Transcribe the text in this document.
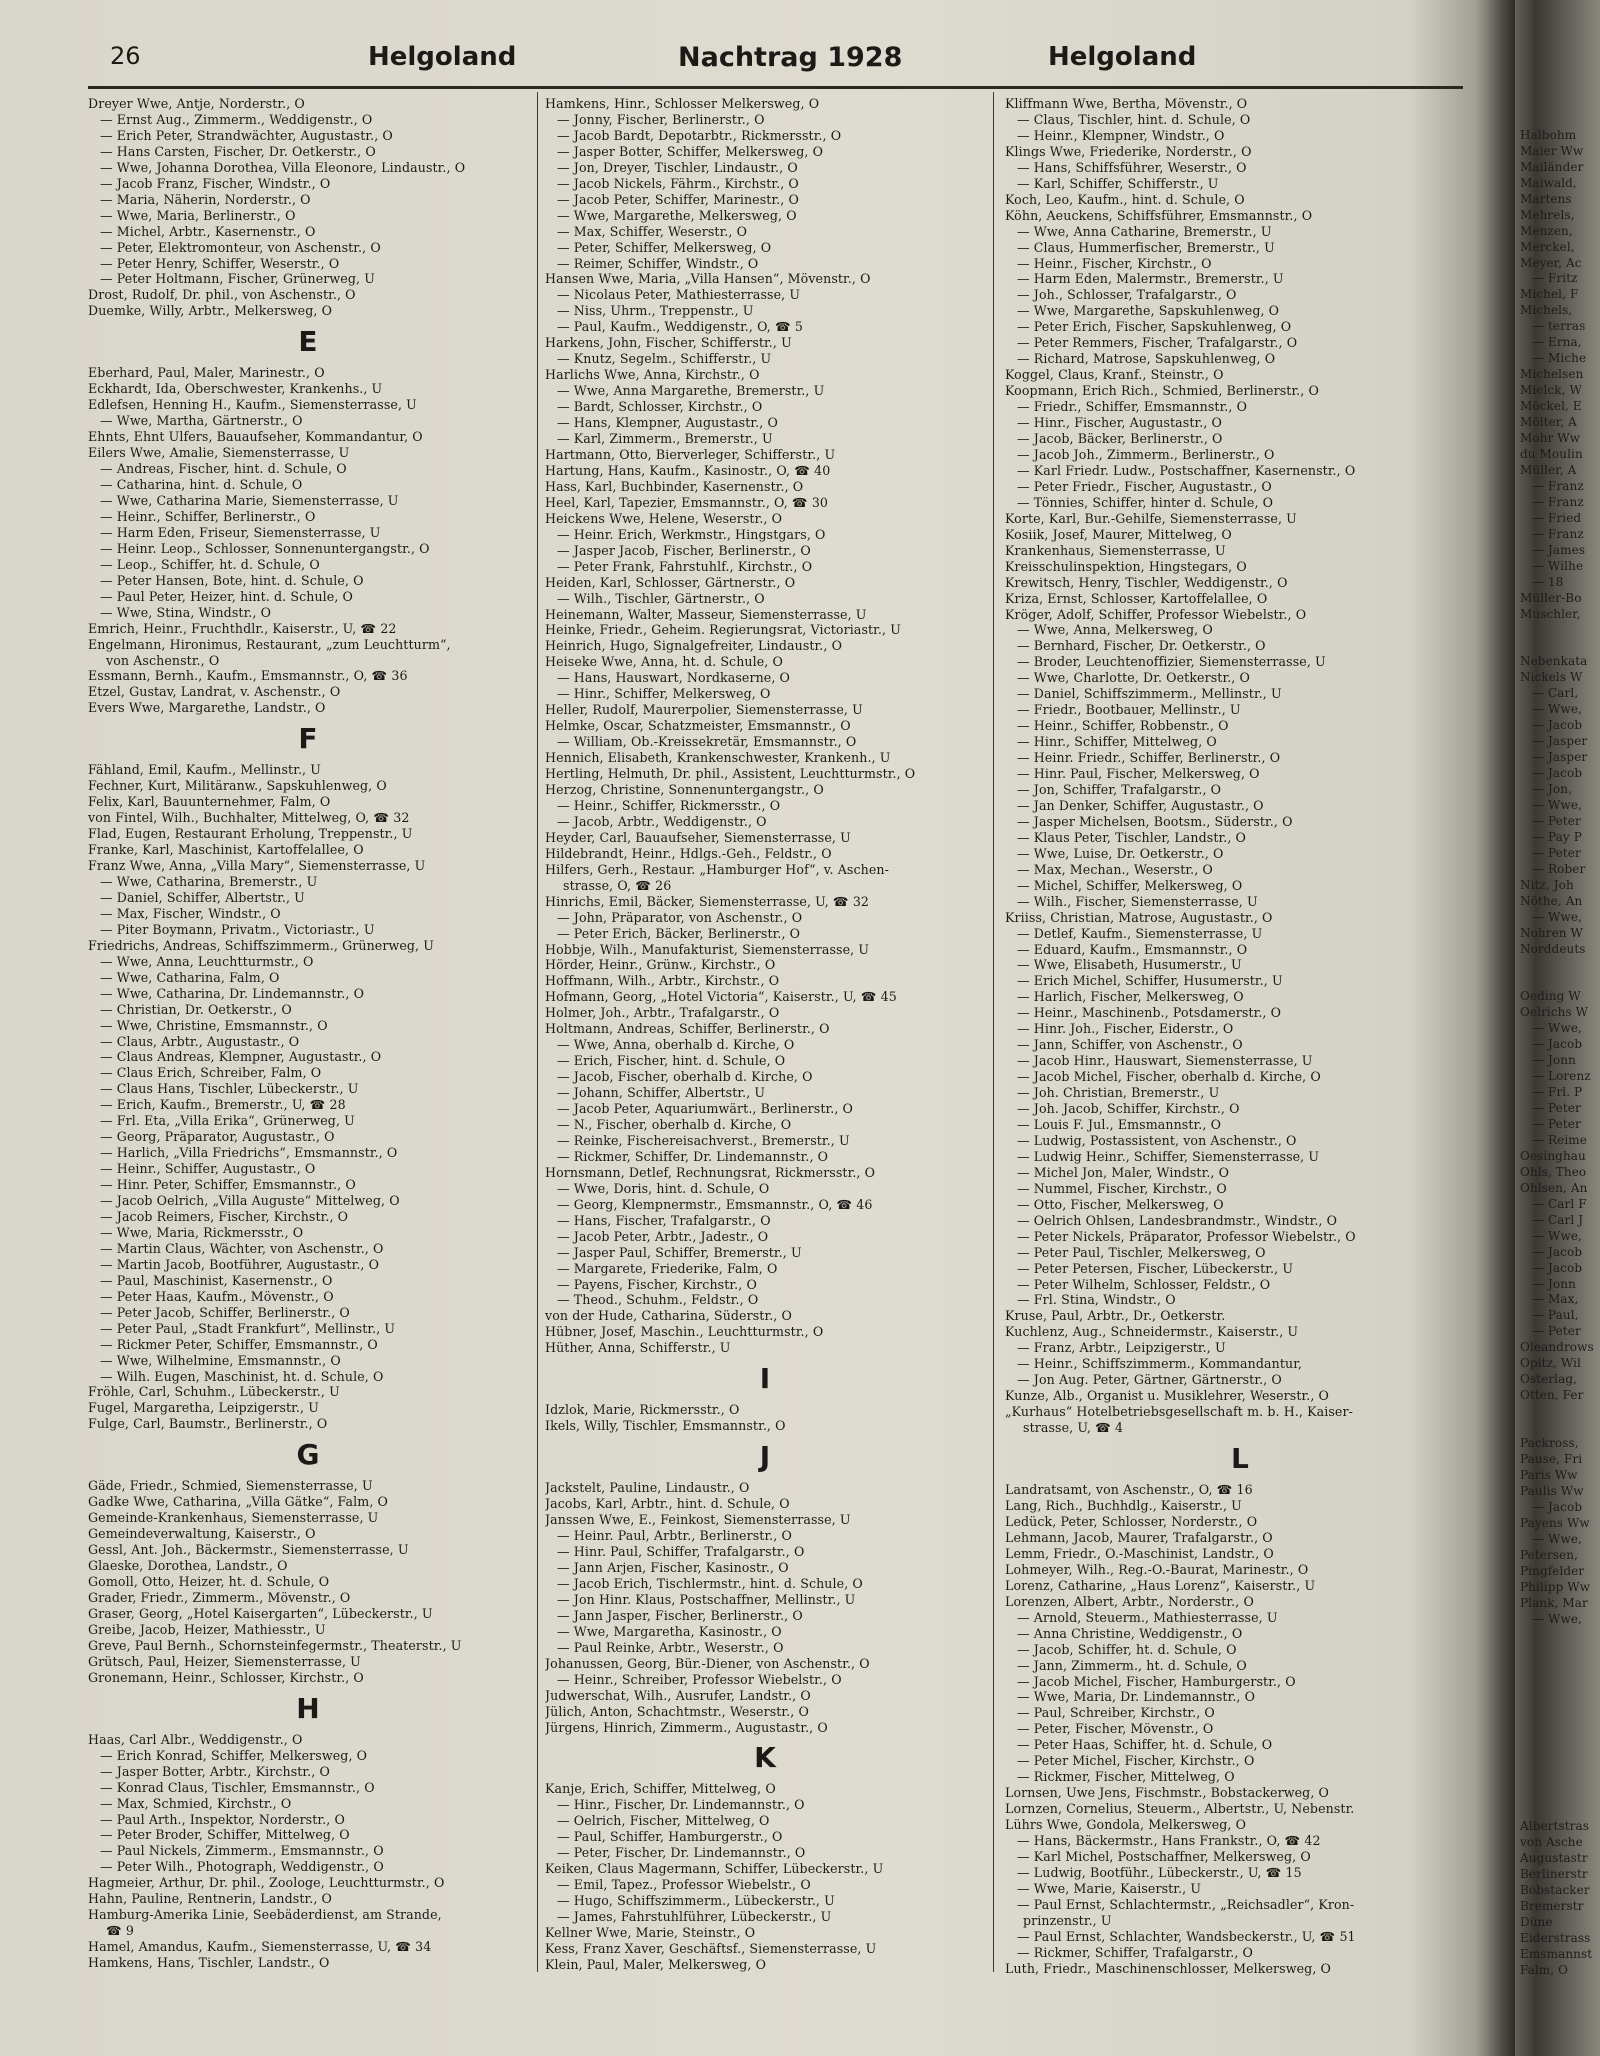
26	Helgoland	Nachtrag 1928	Helgoland
Dreyer Wwe, Antje, Norderstr., O
— Ernst Aug., Zimmerm., Weddigenstr., O
— Erich Peter, Strandwächter, Augustastr., O
— Hans Carsten, Fischer, Dr. Oetkerstr., O
— Wwe, Johanna Dorothea, Villa Eleonore, Lindaustr., O
— Jacob Franz, Fischer, Windstr., O
— Maria, Näherin, Norderstr., O
— Wwe, Maria, Berlinerstr., O
— Michel, Arbtr., Kasernenstr., O
— Peter, Elektromonteur, von Aschenstr., O
— Peter Henry, Schiffer, Weserstr., O
— Peter Holtmann, Fischer, Grünerweg, U
Drost, Rudolf, Dr. phil., von Aschenstr., O
Duemke, Willy, Arbtr., Melkersweg, O
E
Eberhard, Paul, Maler, Marinestr., O
Eckhardt, Ida, Oberschwester, Krankenhs., U
Edlefsen, Henning H., Kaufm., Siemensterrasse, U
— Wwe, Martha, Gärtnerstr., O
Ehnts, Ehnt Ulfers, Bauaufseher, Kommandantur, O
Eilers Wwe, Amalie, Siemensterrasse, U
— Andreas, Fischer, hint. d. Schule, O
— Catharina, hint. d. Schule, O
— Wwe, Catharina Marie, Siemensterrasse, U
— Heinr., Schiffer, Berlinerstr., O
— Harm Eden, Friseur, Siemensterrasse, U
— Heinr. Leop., Schlosser, Sonnenuntergangstr., O
— Leop., Schiffer, ht. d. Schule, O
— Peter Hansen, Bote, hint. d. Schule, O
— Paul Peter, Heizer, hint. d. Schule, O
— Wwe, Stina, Windstr., O
Emrich, Heinr., Fruchthdlr., Kaiserstr., U, ☎ 22
Engelmann, Hironimus, Restaurant, „zum Leuchtturm“,
von Aschenstr., O
Essmann, Bernh., Kaufm., Emsmannstr., O, ☎ 36
Etzel, Gustav, Landrat, v. Aschenstr., O
Evers Wwe, Margarethe, Landstr., O
F
Fähland, Emil, Kaufm., Mellinstr., U
Fechner, Kurt, Militäranw., Sapskuhlenweg, O
Felix, Karl, Bauunternehmer, Falm, O
von Fintel, Wilh., Buchhalter, Mittelweg, O, ☎ 32
Flad, Eugen, Restaurant Erholung, Treppenstr., U
Franke, Karl, Maschinist, Kartoffelallee, O
Franz Wwe, Anna, „Villa Mary“, Siemensterrasse, U
— Wwe, Catharina, Bremerstr., U
— Daniel, Schiffer, Albertstr., U
— Max, Fischer, Windstr., O
— Piter Boymann, Privatm., Victoriastr., U
Friedrichs, Andreas, Schiffszimmerm., Grünerweg, U
— Wwe, Anna, Leuchtturmstr., O
— Wwe, Catharina, Falm, O
— Wwe, Catharina, Dr. Lindemannstr., O
— Christian, Dr. Oetkerstr., O
— Wwe, Christine, Emsmannstr., O
— Claus, Arbtr., Augustastr., O
— Claus Andreas, Klempner, Augustastr., O
— Claus Erich, Schreiber, Falm, O
— Claus Hans, Tischler, Lübeckerstr., U
— Erich, Kaufm., Bremerstr., U, ☎ 28
— Frl. Eta, „Villa Erika“, Grünerweg, U
— Georg, Präparator, Augustastr., O
— Harlich, „Villa Friedrichs“, Emsmannstr., O
— Heinr., Schiffer, Augustastr., O
— Hinr. Peter, Schiffer, Emsmannstr., O
— Jacob Oelrich, „Villa Auguste“ Mittelweg, O
— Jacob Reimers, Fischer, Kirchstr., O
— Wwe, Maria, Rickmersstr., O
— Martin Claus, Wächter, von Aschenstr., O
— Martin Jacob, Bootführer, Augustastr., O
— Paul, Maschinist, Kasernenstr., O
— Peter Haas, Kaufm., Mövenstr., O
— Peter Jacob, Schiffer, Berlinerstr., O
— Peter Paul, „Stadt Frankfurt“, Mellinstr., U
— Rickmer Peter, Schiffer, Emsmannstr., O
— Wwe, Wilhelmine, Emsmannstr., O
— Wilh. Eugen, Maschinist, ht. d. Schule, O
Fröhle, Carl, Schuhm., Lübeckerstr., U
Fugel, Margaretha, Leipzigerstr., U
Fulge, Carl, Baumstr., Berlinerstr., O
G
Gäde, Friedr., Schmied, Siemensterrasse, U
Gadke Wwe, Catharina, „Villa Gätke“, Falm, O
Gemeinde-Krankenhaus, Siemensterrasse, U
Gemeindeverwaltung, Kaiserstr., O
Gessl, Ant. Joh., Bäckermstr., Siemensterrasse, U
Glaeske, Dorothea, Landstr., O
Gomoll, Otto, Heizer, ht. d. Schule, O
Grader, Friedr., Zimmerm., Mövenstr., O
Graser, Georg, „Hotel Kaisergarten“, Lübeckerstr., U
Greibe, Jacob, Heizer, Mathiesstr., U
Greve, Paul Bernh., Schornsteinfegermstr., Theaterstr., U
Grütsch, Paul, Heizer, Siemensterrasse, U
Gronemann, Heinr., Schlosser, Kirchstr., O
H
Haas, Carl Albr., Weddigenstr., O
— Erich Konrad, Schiffer, Melkersweg, O
— Jasper Botter, Arbtr., Kirchstr., O
— Konrad Claus, Tischler, Emsmannstr., O
— Max, Schmied, Kirchstr., O
— Paul Arth., Inspektor, Norderstr., O
— Peter Broder, Schiffer, Mittelweg, O
— Paul Nickels, Zimmerm., Emsmannstr., O
— Peter Wilh., Photograph, Weddigenstr., O
Hagmeier, Arthur, Dr. phil., Zoologe, Leuchtturmstr., O
Hahn, Pauline, Rentnerin, Landstr., O
Hamburg-Amerika Linie, Seebäderdienst, am Strande,
☎ 9
Hamel, Amandus, Kaufm., Siemensterrasse, U, ☎ 34
Hamkens, Hans, Tischler, Landstr., O
Hamkens, Hinr., Schlosser Melkersweg, O
— Jonny, Fischer, Berlinerstr., O
— Jacob Bardt, Depotarbtr., Rickmersstr., O
— Jasper Botter, Schiffer, Melkersweg, O
— Jon, Dreyer, Tischler, Lindaustr., O
— Jacob Nickels, Fährm., Kirchstr., O
— Jacob Peter, Schiffer, Marinestr., O
— Wwe, Margarethe, Melkersweg, O
— Max, Schiffer, Weserstr., O
— Peter, Schiffer, Melkersweg, O
— Reimer, Schiffer, Windstr., O
Hansen Wwe, Maria, „Villa Hansen“, Mövenstr., O
— Nicolaus Peter, Mathiesterrasse, U
— Niss, Uhrm., Treppenstr., U
— Paul, Kaufm., Weddigenstr., O, ☎ 5
Harkens, John, Fischer, Schifferstr., U
— Knutz, Segelm., Schifferstr., U
Harlichs Wwe, Anna, Kirchstr., O
— Wwe, Anna Margarethe, Bremerstr., U
— Bardt, Schlosser, Kirchstr., O
— Hans, Klempner, Augustastr., O
— Karl, Zimmerm., Bremerstr., U
Hartmann, Otto, Bierverleger, Schifferstr., U
Hartung, Hans, Kaufm., Kasinostr., O, ☎ 40
Hass, Karl, Buchbinder, Kasernenstr., O
Heel, Karl, Tapezier, Emsmannstr., O, ☎ 30
Heickens Wwe, Helene, Weserstr., O
— Heinr. Erich, Werkmstr., Hingstgars, O
— Jasper Jacob, Fischer, Berlinerstr., O
— Peter Frank, Fahrstuhlf., Kirchstr., O
Heiden, Karl, Schlosser, Gärtnerstr., O
— Wilh., Tischler, Gärtnerstr., O
Heinemann, Walter, Masseur, Siemensterrasse, U
Heinke, Friedr., Geheim. Regierungsrat, Victoriastr., U
Heinrich, Hugo, Signalgefreiter, Lindaustr., O
Heiseke Wwe, Anna, ht. d. Schule, O
— Hans, Hauswart, Nordkaserne, O
— Hinr., Schiffer, Melkersweg, O
Heller, Rudolf, Maurerpolier, Siemensterrasse, U
Helmke, Oscar, Schatzmeister, Emsmannstr., O
— William, Ob.-Kreissekretär, Emsmannstr., O
Hennich, Elisabeth, Krankenschwester, Krankenh., U
Hertling, Helmuth, Dr. phil., Assistent, Leuchtturmstr., O
Herzog, Christine, Sonnenuntergangstr., O
— Heinr., Schiffer, Rickmersstr., O
— Jacob, Arbtr., Weddigenstr., O
Heyder, Carl, Bauaufseher, Siemensterrasse, U
Hildebrandt, Heinr., Hdlgs.-Geh., Feldstr., O
Hilfers, Gerh., Restaur. „Hamburger Hof“, v. Aschen-
strasse, O, ☎ 26
Hinrichs, Emil, Bäcker, Siemensterrasse, U, ☎ 32
— John, Präparator, von Aschenstr., O
— Peter Erich, Bäcker, Berlinerstr., O
Hobbje, Wilh., Manufakturist, Siemensterrasse, U
Hörder, Heinr., Grünw., Kirchstr., O
Hoffmann, Wilh., Arbtr., Kirchstr., O
Hofmann, Georg, „Hotel Victoria“, Kaiserstr., U, ☎ 45
Holmer, Joh., Arbtr., Trafalgarstr., O
Holtmann, Andreas, Schiffer, Berlinerstr., O
— Wwe, Anna, oberhalb d. Kirche, O
— Erich, Fischer, hint. d. Schule, O
— Jacob, Fischer, oberhalb d. Kirche, O
— Johann, Schiffer, Albertstr., U
— Jacob Peter, Aquariumwärt., Berlinerstr., O
— N., Fischer, oberhalb d. Kirche, O
— Reinke, Fischereisachverst., Bremerstr., U
— Rickmer, Schiffer, Dr. Lindemannstr., O
Hornsmann, Detlef, Rechnungsrat, Rickmersstr., O
— Wwe, Doris, hint. d. Schule, O
— Georg, Klempnermstr., Emsmannstr., O, ☎ 46
— Hans, Fischer, Trafalgarstr., O
— Jacob Peter, Arbtr., Jadestr., O
— Jasper Paul, Schiffer, Bremerstr., U
— Margarete, Friederike, Falm, O
— Payens, Fischer, Kirchstr., O
— Theod., Schuhm., Feldstr., O
von der Hude, Catharina, Süderstr., O
Hübner, Josef, Maschin., Leuchtturmstr., O
Hüther, Anna, Schifferstr., U
I
Idzlok, Marie, Rickmersstr., O
Ikels, Willy, Tischler, Emsmannstr., O
J
Jackstelt, Pauline, Lindaustr., O
Jacobs, Karl, Arbtr., hint. d. Schule, O
Janssen Wwe, E., Feinkost, Siemensterrasse, U
— Heinr. Paul, Arbtr., Berlinerstr., O
— Hinr. Paul, Schiffer, Trafalgarstr., O
— Jann Arjen, Fischer, Kasinostr., O
— Jacob Erich, Tischlermstr., hint. d. Schule, O
— Jon Hinr. Klaus, Postschaffner, Mellinstr., U
— Jann Jasper, Fischer, Berlinerstr., O
— Wwe, Margaretha, Kasinostr., O
— Paul Reinke, Arbtr., Weserstr., O
Johanussen, Georg, Bür.-Diener, von Aschenstr., O
— Heinr., Schreiber, Professor Wiebelstr., O
Judwerschat, Wilh., Ausrufer, Landstr., O
Jülich, Anton, Schachtmstr., Weserstr., O
Jürgens, Hinrich, Zimmerm., Augustastr., O
K
Kanje, Erich, Schiffer, Mittelweg, O
— Hinr., Fischer, Dr. Lindemannstr., O
— Oelrich, Fischer, Mittelweg, O
— Paul, Schiffer, Hamburgerstr., O
— Peter, Fischer, Dr. Lindemannstr., O
Keiken, Claus Magermann, Schiffer, Lübeckerstr., U
— Emil, Tapez., Professor Wiebelstr., O
— Hugo, Schiffszimmerm., Lübeckerstr., U
— James, Fahrstuhlführer, Lübeckerstr., U
Kellner Wwe, Marie, Steinstr., O
Kess, Franz Xaver, Geschäftsf., Siemensterrasse, U
Klein, Paul, Maler, Melkersweg, O
Kliffmann Wwe, Bertha, Mövenstr., O
— Claus, Tischler, hint. d. Schule, O
— Heinr., Klempner, Windstr., O
Klings Wwe, Friederike, Norderstr., O
— Hans, Schiffsführer, Weserstr., O
— Karl, Schiffer, Schifferstr., U
Koch, Leo, Kaufm., hint. d. Schule, O
Köhn, Aeuckens, Schiffsführer, Emsmannstr., O
— Wwe, Anna Catharine, Bremerstr., U
— Claus, Hummerfischer, Bremerstr., U
— Heinr., Fischer, Kirchstr., O
— Harm Eden, Malermstr., Bremerstr., U
— Joh., Schlosser, Trafalgarstr., O
— Wwe, Margarethe, Sapskuhlenweg, O
— Peter Erich, Fischer, Sapskuhlenweg, O
— Peter Remmers, Fischer, Trafalgarstr., O
— Richard, Matrose, Sapskuhlenweg, O
Koggel, Claus, Kranf., Steinstr., O
Koopmann, Erich Rich., Schmied, Berlinerstr., O
— Friedr., Schiffer, Emsmannstr., O
— Hinr., Fischer, Augustastr., O
— Jacob, Bäcker, Berlinerstr., O
— Jacob Joh., Zimmerm., Berlinerstr., O
— Karl Friedr. Ludw., Postschaffner, Kasernenstr., O
— Peter Friedr., Fischer, Augustastr., O
— Tönnies, Schiffer, hinter d. Schule, O
Korte, Karl, Bur.-Gehilfe, Siemensterrasse, U
Kosiik, Josef, Maurer, Mittelweg, O
Krankenhaus, Siemensterrasse, U
Kreisschulinspektion, Hingstegars, O
Krewitsch, Henry, Tischler, Weddigenstr., O
Kriza, Ernst, Schlosser, Kartoffelallee, O
Kröger, Adolf, Schiffer, Professor Wiebelstr., O
— Wwe, Anna, Melkersweg, O
— Bernhard, Fischer, Dr. Oetkerstr., O
— Broder, Leuchtenoffizier, Siemensterrasse, U
— Wwe, Charlotte, Dr. Oetkerstr., O
— Daniel, Schiffszimmerm., Mellinstr., U
— Friedr., Bootbauer, Mellinstr., U
— Heinr., Schiffer, Robbenstr., O
— Hinr., Schiffer, Mittelweg, O
— Heinr. Friedr., Schiffer, Berlinerstr., O
— Hinr. Paul, Fischer, Melkersweg, O
— Jon, Schiffer, Trafalgarstr., O
— Jan Denker, Schiffer, Augustastr., O
— Jasper Michelsen, Bootsm., Süderstr., O
— Klaus Peter, Tischler, Landstr., O
— Wwe, Luise, Dr. Oetkerstr., O
— Max, Mechan., Weserstr., O
— Michel, Schiffer, Melkersweg, O
— Wilh., Fischer, Siemensterrasse, U
Kriiss, Christian, Matrose, Augustastr., O
— Detlef, Kaufm., Siemensterrasse, U
— Eduard, Kaufm., Emsmannstr., O
— Wwe, Elisabeth, Husumerstr., U
— Erich Michel, Schiffer, Husumerstr., U
— Harlich, Fischer, Melkersweg, O
— Heinr., Maschinenb., Potsdamerstr., O
— Hinr. Joh., Fischer, Eiderstr., O
— Jann, Schiffer, von Aschenstr., O
— Jacob Hinr., Hauswart, Siemensterrasse, U
— Jacob Michel, Fischer, oberhalb d. Kirche, O
— Joh. Christian, Bremerstr., U
— Joh. Jacob, Schiffer, Kirchstr., O
— Louis F. Jul., Emsmannstr., O
— Ludwig, Postassistent, von Aschenstr., O
— Ludwig Heinr., Schiffer, Siemensterrasse, U
— Michel Jon, Maler, Windstr., O
— Nummel, Fischer, Kirchstr., O
— Otto, Fischer, Melkersweg, O
— Oelrich Ohlsen, Landesbrandmstr., Windstr., O
— Peter Nickels, Präparator, Professor Wiebelstr., O
— Peter Paul, Tischler, Melkersweg, O
— Peter Petersen, Fischer, Lübeckerstr., U
— Peter Wilhelm, Schlosser, Feldstr., O
— Frl. Stina, Windstr., O
Kruse, Paul, Arbtr., Dr., Oetkerstr.
Kuchlenz, Aug., Schneidermstr., Kaiserstr., U
— Franz, Arbtr., Leipzigerstr., U
— Heinr., Schiffszimmerm., Kommandantur,
— Jon Aug. Peter, Gärtner, Gärtnerstr., O
Kunze, Alb., Organist u. Musiklehrer, Weserstr., O
„Kurhaus“ Hotelbetriebsgesellschaft m. b. H., Kaiser-
strasse, U, ☎ 4
L
Landratsamt, von Aschenstr., O, ☎ 16
Lang, Rich., Buchhdlg., Kaiserstr., U
Ledück, Peter, Schlosser, Norderstr., O
Lehmann, Jacob, Maurer, Trafalgarstr., O
Lemm, Friedr., O.-Maschinist, Landstr., O
Lohmeyer, Wilh., Reg.-O.-Baurat, Marinestr., O
Lorenz, Catharine, „Haus Lorenz“, Kaiserstr., U
Lorenzen, Albert, Arbtr., Norderstr., O
— Arnold, Steuerm., Mathiesterrasse, U
— Anna Christine, Weddigenstr., O
— Jacob, Schiffer, ht. d. Schule, O
— Jann, Zimmerm., ht. d. Schule, O
— Jacob Michel, Fischer, Hamburgerstr., O
— Wwe, Maria, Dr. Lindemannstr., O
— Paul, Schreiber, Kirchstr., O
— Peter, Fischer, Mövenstr., O
— Peter Haas, Schiffer, ht. d. Schule, O
— Peter Michel, Fischer, Kirchstr., O
— Rickmer, Fischer, Mittelweg, O
Lornsen, Uwe Jens, Fischmstr., Bobstackerweg, O
Lornzen, Cornelius, Steuerm., Albertstr., U, Nebenstr.
Lührs Wwe, Gondola, Melkersweg, O
— Hans, Bäckermstr., Hans Frankstr., O, ☎ 42
— Karl Michel, Postschaffner, Melkersweg, O
— Ludwig, Bootführ., Lübeckerstr., U, ☎ 15
— Wwe, Marie, Kaiserstr., U
— Paul Ernst, Schlachtermstr., „Reichsadler“, Kron-
prinzenstr., U
— Paul Ernst, Schlachter, Wandsbeckerstr., U, ☎ 51
— Rickmer, Schiffer, Trafalgarstr., O
Luth, Friedr., Maschinenschlosser, Melkersweg, O

Halbohm
Maier Ww
Mailänder
Maiwald,
Martens
Mehrels,
Menzen,
Merckel,
Meyer, Ac
— Fritz
Michel, F
Michels,
— terras
— Erna,
— Miche
Michelsen
Mielck, W
Möckel, E
Mölter, A
Mohr Ww
du Moulin
Müller, A
— Franz
— Franz
— Fried
— Franz
— James
— Wilhe
— 18
Müller-Bo
Muschler,

Nebenkata
Nickels W
— Carl,
— Wwe,
— Jacob
— Jasper
— Jasper
— Jacob
— Jon,
— Wwe,
— Peter
— Pay P
— Peter
— Rober
Nitz, Joh
Nöthe, An
— Wwe,
Nohren W
Norddeuts

Oeding W
Oelrichs W
— Wwe,
— Jacob
— Jonn
— Lorenz
— Frl. P
— Peter
— Peter
— Reime
Oesinghau
Ohls, Theo
Ohlsen, An
— Carl F
— Carl J
— Wwe,
— Jacob
— Jacob
— Jonn
— Max,
— Paul,
— Peter
Oleandrows
Opitz, Wil
Osterlag,
Otten, Fer

Packross,
Pause, Fri
Paris Ww
Paulis Ww
— Jacob
Payens Ww
— Wwe,
Petersen,
Pingfelder
Philipp Ww
Plank, Mar
— Wwe,

Albertstras
von Asche
Augustastr
Berlinerstr
Bobstacker
Bremerstr
Düne
Eiderstrass
Emsmannst
Falm, O
